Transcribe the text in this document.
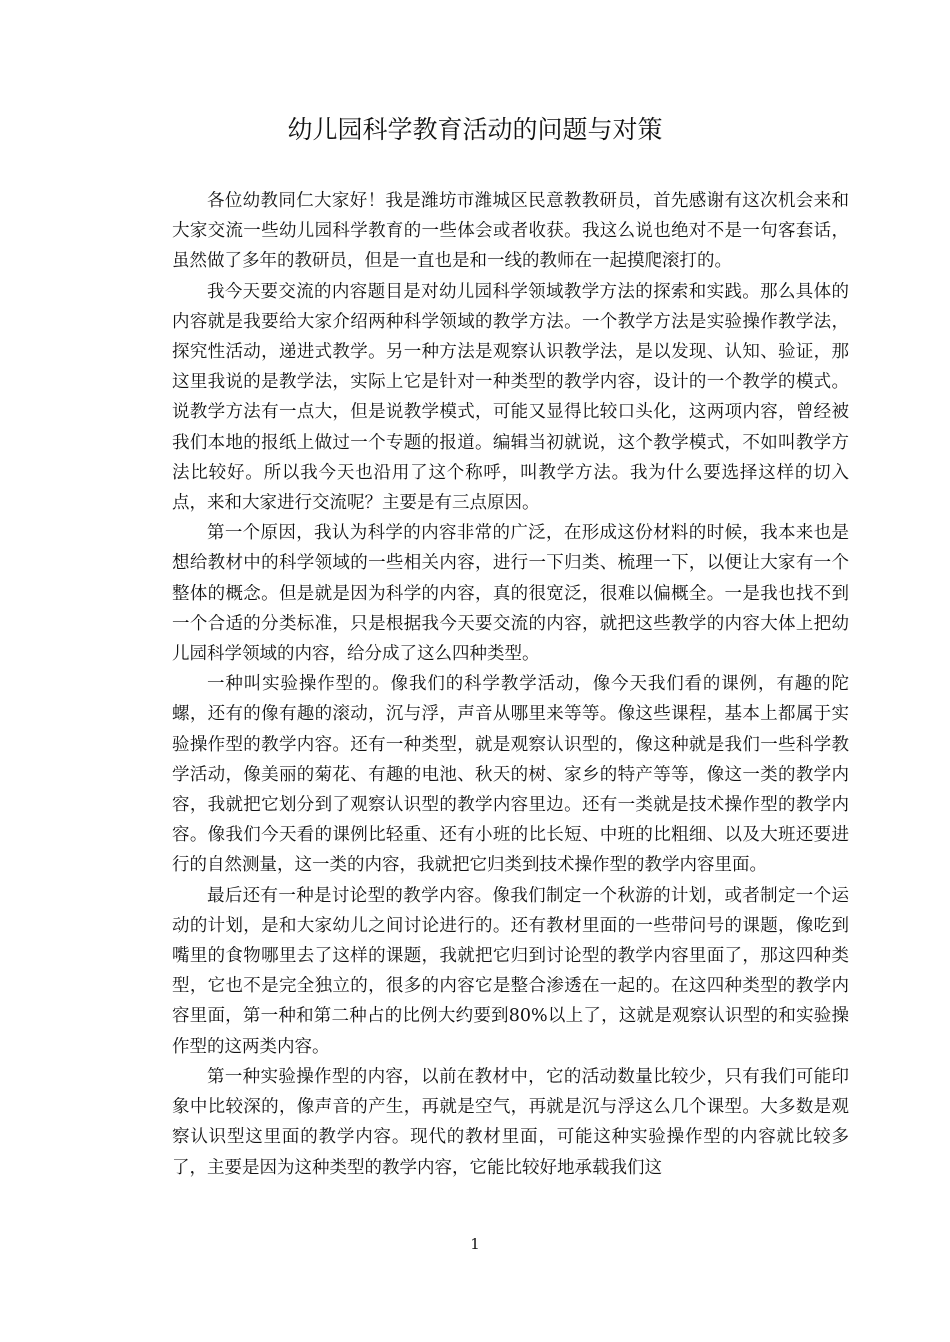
幼儿园科学教育活动的问题与对策

各位幼教同仁大家好！我是潍坊市潍城区民意教教研员，首先感谢有这次机会来和大家交流一些幼儿园科学教育的一些体会或者收获。我这么说也绝对不是一句客套话，虽然做了多年的教研员，但是一直也是和一线的教师在一起摸爬滚打的。

我今天要交流的内容题目是对幼儿园科学领域教学方法的探索和实践。那么具体的内容就是我要给大家介绍两种科学领域的教学方法。一个教学方法是实验操作教学法，探究性活动，递进式教学。另一种方法是观察认识教学法，是以发现、认知、验证，那这里我说的是教学法，实际上它是针对一种类型的教学内容，设计的一个教学的模式。说教学方法有一点大，但是说教学模式，可能又显得比较口头化，这两项内容，曾经被我们本地的报纸上做过一个专题的报道。编辑当初就说，这个教学模式，不如叫教学方法比较好。所以我今天也沿用了这个称呼，叫教学方法。我为什么要选择这样的切入点，来和大家进行交流呢？主要是有三点原因。

第一个原因，我认为科学的内容非常的广泛，在形成这份材料的时候，我本来也是想给教材中的科学领域的一些相关内容，进行一下归类、梳理一下，以便让大家有一个整体的概念。但是就是因为科学的内容，真的很宽泛，很难以偏概全。一是我也找不到一个合适的分类标准，只是根据我今天要交流的内容，就把这些教学的内容大体上把幼儿园科学领域的内容，给分成了这么四种类型。

一种叫实验操作型的。像我们的科学教学活动，像今天我们看的课例，有趣的陀螺，还有的像有趣的滚动，沉与浮，声音从哪里来等等。像这些课程，基本上都属于实验操作型的教学内容。还有一种类型，就是观察认识型的，像这种就是我们一些科学教学活动，像美丽的菊花、有趣的电池、秋天的树、家乡的特产等等，像这一类的教学内容，我就把它划分到了观察认识型的教学内容里边。还有一类就是技术操作型的教学内容。像我们今天看的课例比轻重、还有小班的比长短、中班的比粗细、以及大班还要进行的自然测量，这一类的内容，我就把它归类到技术操作型的教学内容里面。

最后还有一种是讨论型的教学内容。像我们制定一个秋游的计划，或者制定一个运动的计划，是和大家幼儿之间讨论进行的。还有教材里面的一些带问号的课题，像吃到嘴里的食物哪里去了这样的课题，我就把它归到讨论型的教学内容里面了，那这四种类型，它也不是完全独立的，很多的内容它是整合渗透在一起的。在这四种类型的教学内容里面，第一种和第二种占的比例大约要到80%以上了，这就是观察认识型的和实验操作型的这两类内容。

第一种实验操作型的内容，以前在教材中，它的活动数量比较少，只有我们可能印象中比较深的，像声音的产生，再就是空气，再就是沉与浮这么几个课型。大多数是观察认识型这里面的教学内容。现代的教材里面，可能这种实验操作型的内容就比较多了，主要是因为这种类型的教学内容，它能比较好地承载我们这

1
